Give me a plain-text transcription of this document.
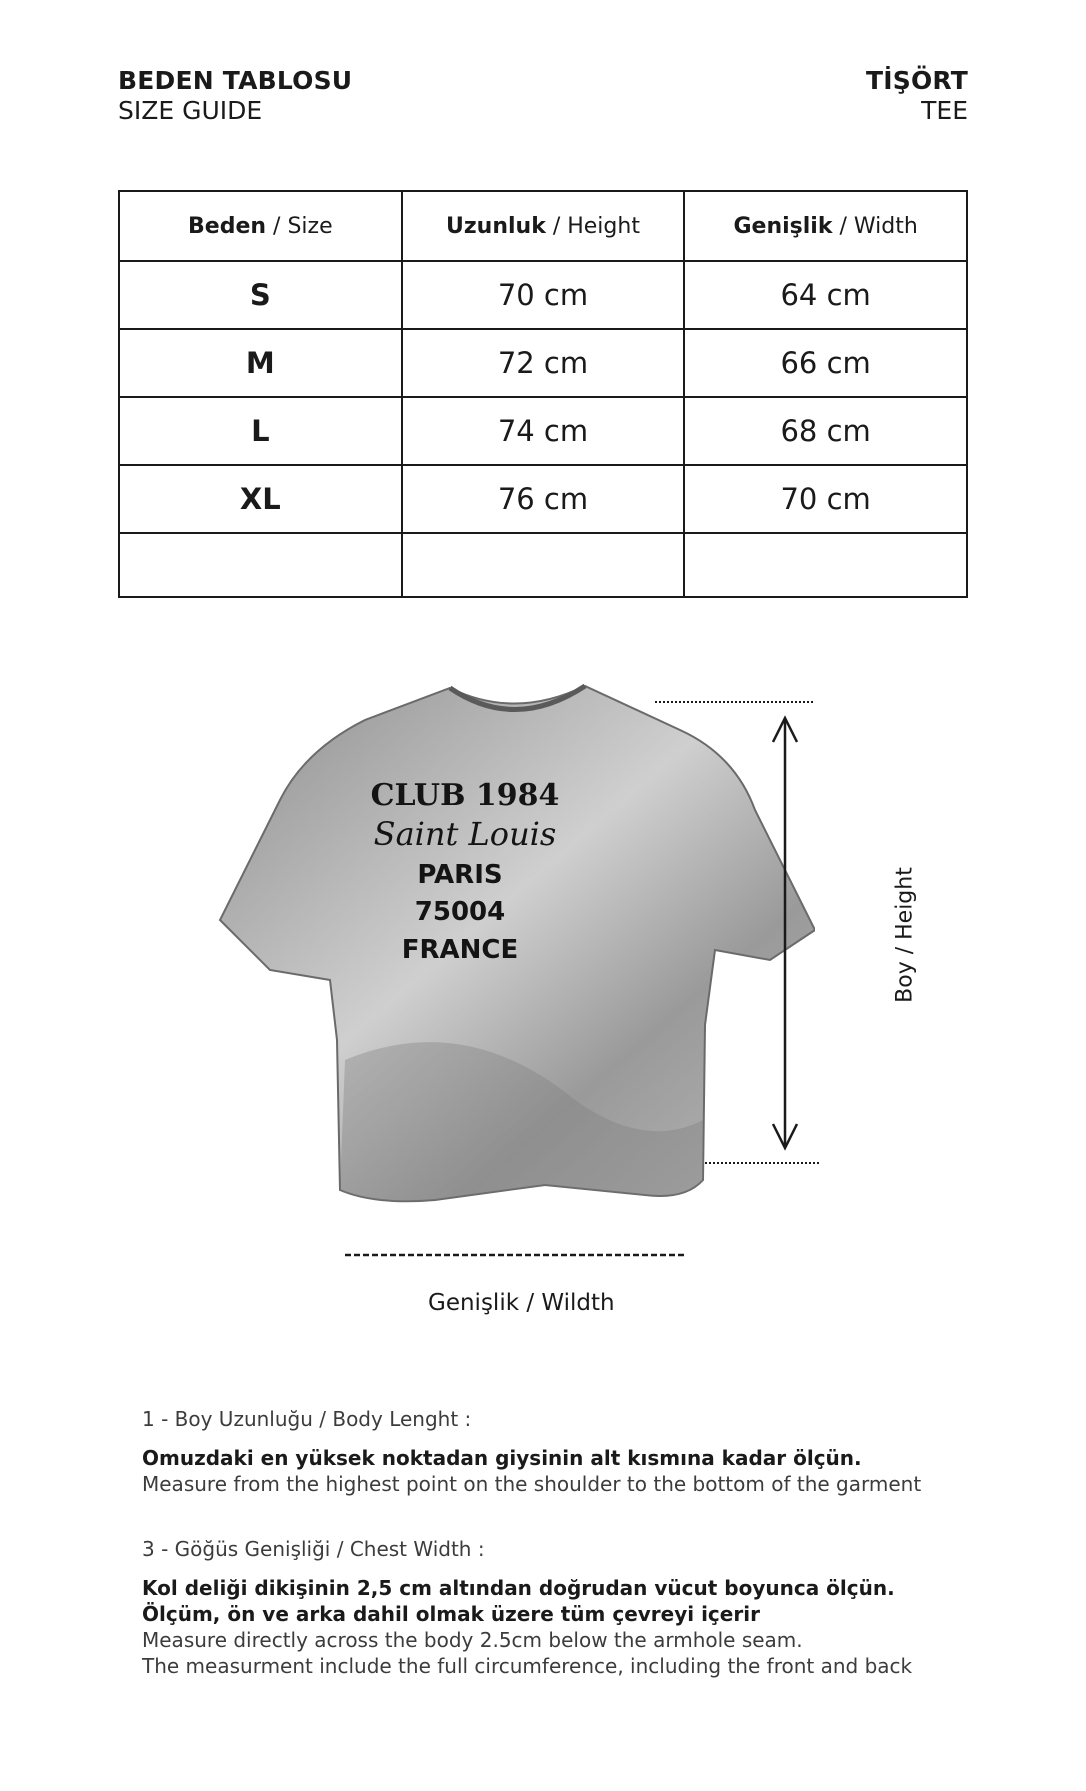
BEDEN TABLOSU
SIZE GUIDE
TİŞÖRT
TEE
Beden / Size	Uzunluk / Height	Genişlik / Width
S	70 cm	64 cm
M	72 cm	66 cm
L	74 cm	68 cm
XL	76 cm	70 cm

CLUB 1984
Saint Louis
PARIS
75004
FRANCE	Boy / Height
Genişlik / Wildth
1 - Boy Uzunluğu / Body Lenght :
Omuzdaki en yüksek noktadan giysinin alt kısmına kadar ölçün.
Measure from the highest point on the shoulder to the bottom of the garment
3 - Göğüs Genişliği / Chest Width :
Kol deliği dikişinin 2,5 cm altından doğrudan vücut boyunca ölçün.
Ölçüm, ön ve arka dahil olmak üzere tüm çevreyi içerir
Measure directly across the body 2.5cm below the armhole seam.
The measurment include the full circumference, including the front and back
